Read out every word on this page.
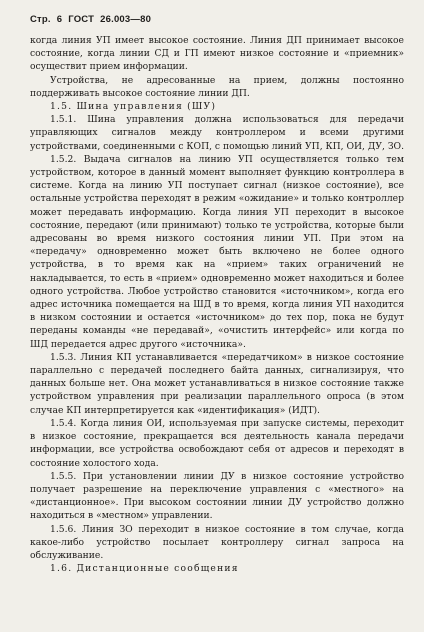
Стр. 6 ГОСТ 26.003—80

когда линия УП имеет высокое состояние. Линия ДП принимает высокое состояние, когда линии СД и ГП имеют низкое состояние и «приемник» осуществит прием информации.

Устройства, не адресованные на прием, должны постоянно поддерживать высокое состояние линии ДП.

1.5. Шина управления (ШУ)

1.5.1. Шина управления должна использоваться для передачи управляющих сигналов между контроллером и всеми другими устройствами, соединенными с КОП, с помощью линий УП, КП, ОИ, ДУ, ЗО.

1.5.2. Выдача сигналов на линию УП осуществляется только тем устройством, которое в данный момент выполняет функцию контроллера в системе. Когда на линию УП поступает сигнал (низкое состояние), все остальные устройства переходят в режим «ожидание» и только контроллер может передавать информацию. Когда линия УП переходит в высокое состояние, передают (или принимают) только те устройства, которые были адресованы во время низкого состояния линии УП. При этом на «передачу» одновременно может быть включено не более одного устройства, в то время как на «прием» таких ограничений не накладывается, то есть в «прием» одновременно может находиться и более одного устройства. Любое устройство становится «источником», когда его адрес источника помещается на ШД в то время, когда линия УП находится в низком состоянии и остается «источником» до тех пор, пока не будут переданы команды «не передавай», «очистить интерфейс» или когда по ШД передается адрес другого «источника».

1.5.3. Линия КП устанавливается «передатчиком» в низкое состояние параллельно с передачей последнего байта данных, сигнализируя, что данных больше нет. Она может устанавливаться в низкое состояние также устройством управления при реализации параллельного опроса (в этом случае КП интерпретируется как «идентификация» (ИДТ).

1.5.4. Когда линия ОИ, используемая при запуске системы, переходит в низкое состояние, прекращается вся деятельность канала передачи информации, все устройства освобождают себя от адресов и переходят в состояние холостого хода.

1.5.5. При установлении линии ДУ в низкое состояние устройство получает разрешение на переключение управления с «местного» на «дистанционное». При высоком состоянии линии ДУ устройство должно находиться в «местном» управлении.

1.5.6. Линия ЗО переходит в низкое состояние в том случае, когда какое-либо устройство посылает контроллеру сигнал запроса на обслуживание.

1.6. Дистанционные сообщения
